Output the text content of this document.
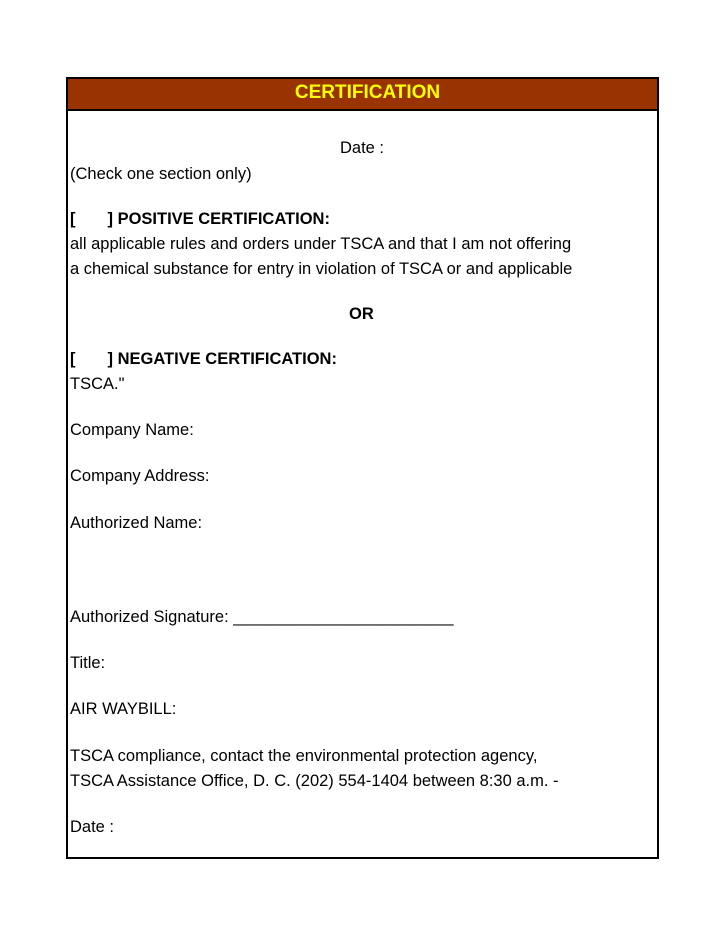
CERTIFICATION
Date :
(Check one section only)
[ ] POSITIVE CERTIFICATION:
all applicable rules and orders under TSCA and that I am not offering
a chemical substance for entry in violation of TSCA or and applicable
OR
[ ] NEGATIVE CERTIFICATION:
TSCA."
Company Name:
Company Address:
Authorized Name:
Authorized Signature: ________________________
Title:
AIR WAYBILL:
TSCA compliance, contact the environmental protection agency,
TSCA Assistance Office, D. C. (202) 554-1404 between 8:30 a.m. -
Date :
